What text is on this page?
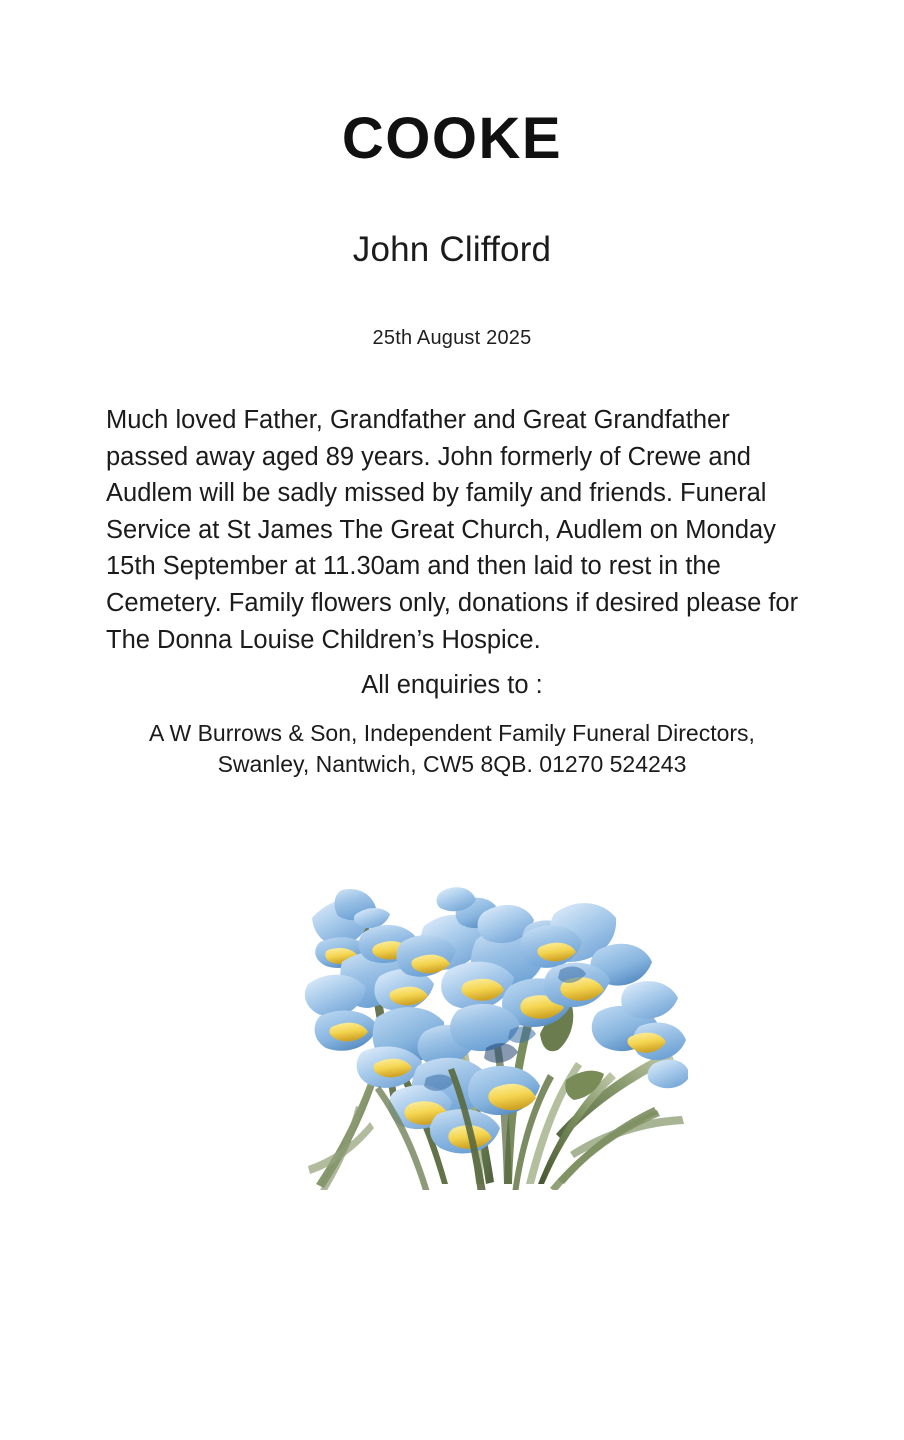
COOKE
John Clifford
25th August 2025

Much loved Father, Grandfather and Great Grandfather passed away aged 89 years. John formerly of Crewe and Audlem will be sadly missed by family and friends. Funeral Service at St James The Great Church, Audlem on Monday 15th September at 11.30am and then laid to rest in the Cemetery. Family flowers only, donations if desired please for The Donna Louise Children’s Hospice.

All enquiries to :
A W Burrows & Son, Independent Family Funeral Directors,
Swanley, Nantwich, CW5 8QB. 01270 524243
